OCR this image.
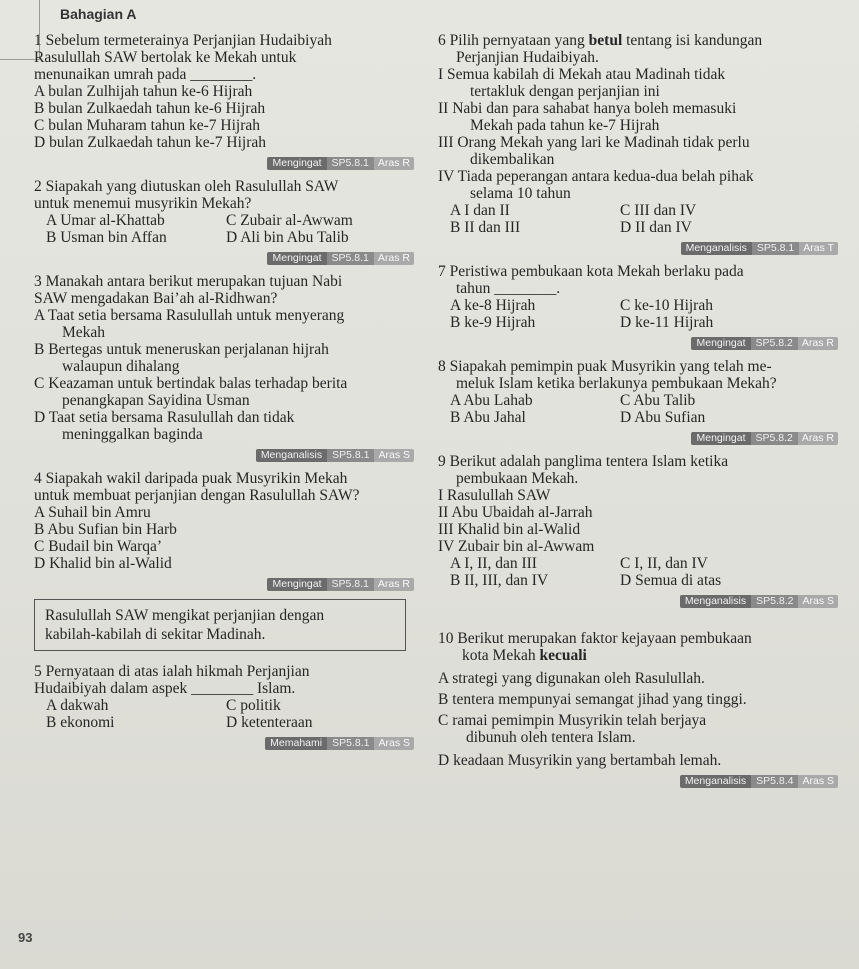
Bahagian A

1 Sebelum termeterainya Perjanjian Hudaibiyah

Rasulullah SAW bertolak ke Mekah untuk

menunaikan umrah pada ________.

A bulan Zulhijah tahun ke-6 Hijrah

B bulan Zulkaedah tahun ke-6 Hijrah

C bulan Muharam tahun ke-7 Hijrah

D bulan Zulkaedah tahun ke-7 Hijrah

Mengingat SP5.8.1 Aras R

2 Siapakah yang diutuskan oleh Rasulullah SAW

untuk menemui musyrikin Mekah?

A Umar al-Khattab	C Zubair al-Awwam
B Usman bin Affan	D Ali bin Abu Talib
Mengingat SP5.8.1 Aras R

3 Manakah antara berikut merupakan tujuan Nabi

SAW mengadakan Bai’ah al-Ridhwan?

A Taat setia bersama Rasulullah untuk menyerang

Mekah

B Bertegas untuk meneruskan perjalanan hijrah

walaupun dihalang

C Keazaman untuk bertindak balas terhadap berita

penangkapan Sayidina Usman

D Taat setia bersama Rasulullah dan tidak

meninggalkan baginda

Menganalisis SP5.8.1 Aras S

4 Siapakah wakil daripada puak Musyrikin Mekah

untuk membuat perjanjian dengan Rasulullah SAW?

A Suhail bin Amru

B Abu Sufian bin Harb

C Budail bin Warqa’

D Khalid bin al-Walid

Mengingat SP5.8.1 Aras R

Rasulullah SAW mengikat perjanjian dengan

kabilah-kabilah di sekitar Madinah.

5 Pernyataan di atas ialah hikmah Perjanjian

Hudaibiyah dalam aspek ________ Islam.

A dakwah	C politik
B ekonomi	D ketenteraan
Memahami SP5.8.1 Aras S

6 Pilih pernyataan yang betul tentang isi kandungan

Perjanjian Hudaibiyah.

I Semua kabilah di Mekah atau Madinah tidak

tertakluk dengan perjanjian ini

II Nabi dan para sahabat hanya boleh memasuki

Mekah pada tahun ke-7 Hijrah

III Orang Mekah yang lari ke Madinah tidak perlu

dikembalikan

IV Tiada peperangan antara kedua-dua belah pihak

selama 10 tahun

A I dan II	C III dan IV
B II dan III	D II dan IV
Menganalisis SP5.8.1 Aras T

7 Peristiwa pembukaan kota Mekah berlaku pada

tahun ________.

A ke-8 Hijrah	C ke-10 Hijrah
B ke-9 Hijrah	D ke-11 Hijrah
Mengingat SP5.8.2 Aras R

8 Siapakah pemimpin puak Musyrikin yang telah me-

meluk Islam ketika berlakunya pembukaan Mekah?

A Abu Lahab	C Abu Talib
B Abu Jahal	D Abu Sufian
Mengingat SP5.8.2 Aras R

9 Berikut adalah panglima tentera Islam ketika

pembukaan Mekah.

I Rasulullah SAW

II Abu Ubaidah al-Jarrah

III Khalid bin al-Walid

IV Zubair bin al-Awwam

A I, II, dan III	C I, II, dan IV
B II, III, dan IV	D Semua di atas
Menganalisis SP5.8.2 Aras S

10 Berikut merupakan faktor kejayaan pembukaan

kota Mekah kecuali

A strategi yang digunakan oleh Rasulullah.

B tentera mempunyai semangat jihad yang tinggi.

C ramai pemimpin Musyrikin telah berjaya

dibunuh oleh tentera Islam.

D keadaan Musyrikin yang bertambah lemah.

Menganalisis SP5.8.4 Aras S
93
